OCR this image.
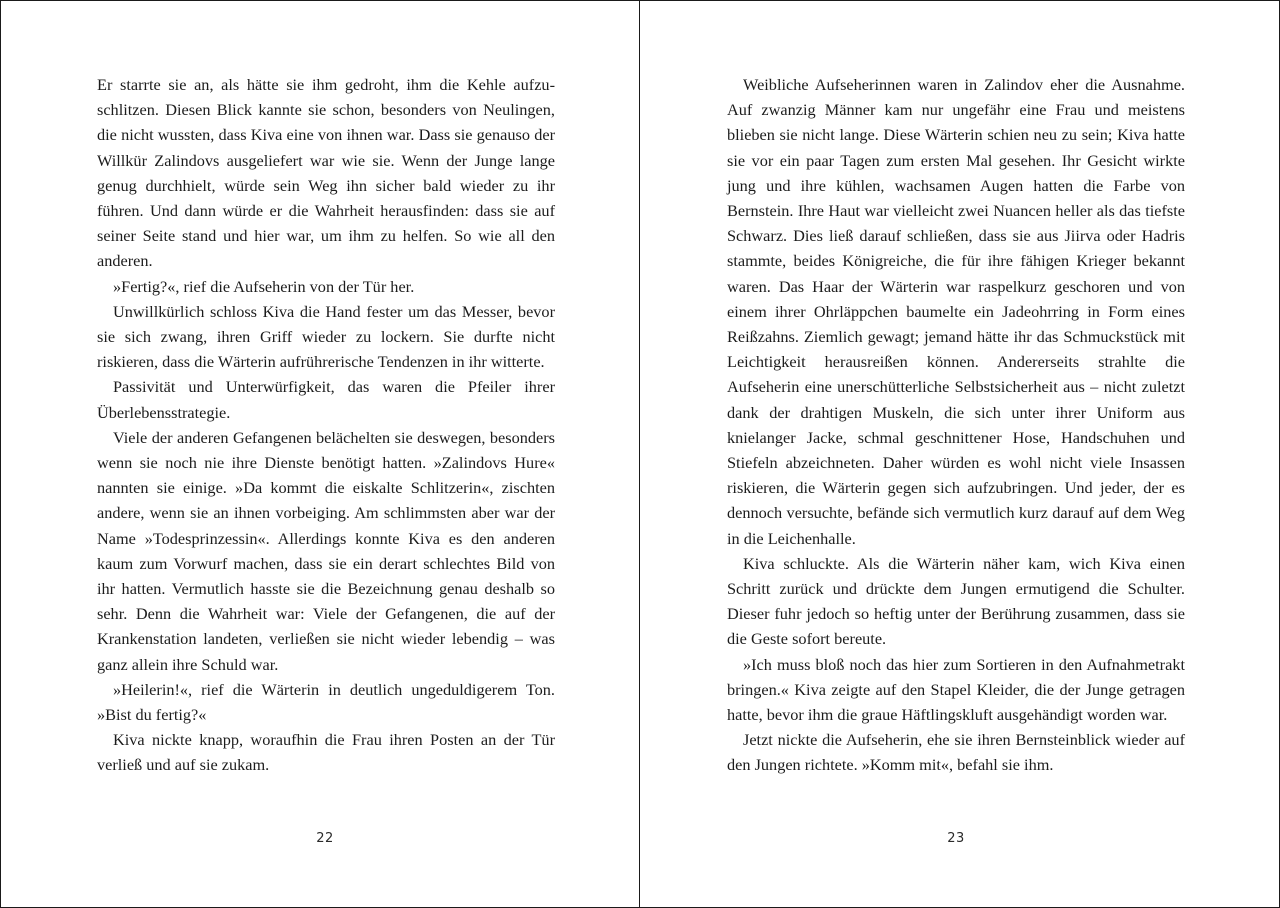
Er starrte sie an, als hätte sie ihm gedroht, ihm die Kehle aufzuschlitzen. Diesen Blick kannte sie schon, besonders von Neulingen, die nicht wussten, dass Kiva eine von ihnen war. Dass sie genauso der Willkür Zalindovs ausgeliefert war wie sie. Wenn der Junge lange genug durchhielt, würde sein Weg ihn sicher bald wieder zu ihr führen. Und dann würde er die Wahrheit herausfinden: dass sie auf seiner Seite stand und hier war, um ihm zu helfen. So wie all den anderen.

»Fertig?«, rief die Aufseherin von der Tür her.

Unwillkürlich schloss Kiva die Hand fester um das Messer, bevor sie sich zwang, ihren Griff wieder zu lockern. Sie durfte nicht riskieren, dass die Wärterin aufrührerische Tendenzen in ihr witterte.

Passivität und Unterwürfigkeit, das waren die Pfeiler ihrer Überlebensstrategie.

Viele der anderen Gefangenen belächelten sie deswegen, besonders wenn sie noch nie ihre Dienste benötigt hatten. »Zalindovs Hure« nannten sie einige. »Da kommt die eiskalte Schlitzerin«, zischten andere, wenn sie an ihnen vorbeiging. Am schlimmsten aber war der Name »Todesprinzessin«. Allerdings konnte Kiva es den anderen kaum zum Vorwurf machen, dass sie ein derart schlechtes Bild von ihr hatten. Vermutlich hasste sie die Bezeichnung genau deshalb so sehr. Denn die Wahrheit war: Viele der Gefangenen, die auf der Krankenstation landeten, verließen sie nicht wieder lebendig – was ganz allein ihre Schuld war.

»Heilerin!«, rief die Wärterin in deutlich ungeduldigerem Ton. »Bist du fertig?«

Kiva nickte knapp, woraufhin die Frau ihren Posten an der Tür verließ und auf sie zukam.

22

Weibliche Aufseherinnen waren in Zalindov eher die Ausnahme. Auf zwanzig Männer kam nur ungefähr eine Frau und meistens blieben sie nicht lange. Diese Wärterin schien neu zu sein; Kiva hatte sie vor ein paar Tagen zum ersten Mal gesehen. Ihr Gesicht wirkte jung und ihre kühlen, wachsamen Augen hatten die Farbe von Bernstein. Ihre Haut war vielleicht zwei Nuancen heller als das tiefste Schwarz. Dies ließ darauf schließen, dass sie aus Jiirva oder Hadris stammte, beides Königreiche, die für ihre fähigen Krieger bekannt waren. Das Haar der Wärterin war raspelkurz geschoren und von einem ihrer Ohrläppchen baumelte ein Jadeohrring in Form eines Reißzahns. Ziemlich gewagt; jemand hätte ihr das Schmuckstück mit Leichtigkeit herausreißen können. Andererseits strahlte die Aufseherin eine unerschütterliche Selbstsicherheit aus – nicht zuletzt dank der drahtigen Muskeln, die sich unter ihrer Uniform aus knielanger Jacke, schmal geschnittener Hose, Handschuhen und Stiefeln abzeichneten. Daher würden es wohl nicht viele Insassen riskieren, die Wärterin gegen sich aufzubringen. Und jeder, der es dennoch versuchte, befände sich vermutlich kurz darauf auf dem Weg in die Leichenhalle.

Kiva schluckte. Als die Wärterin näher kam, wich Kiva einen Schritt zurück und drückte dem Jungen ermutigend die Schulter. Dieser fuhr jedoch so heftig unter der Berührung zusammen, dass sie die Geste sofort bereute.

»Ich muss bloß noch das hier zum Sortieren in den Aufnahmetrakt bringen.« Kiva zeigte auf den Stapel Kleider, die der Junge getragen hatte, bevor ihm die graue Häftlingskluft ausgehändigt worden war.

Jetzt nickte die Aufseherin, ehe sie ihren Bernsteinblick wieder auf den Jungen richtete. »Komm mit«, befahl sie ihm.

23
